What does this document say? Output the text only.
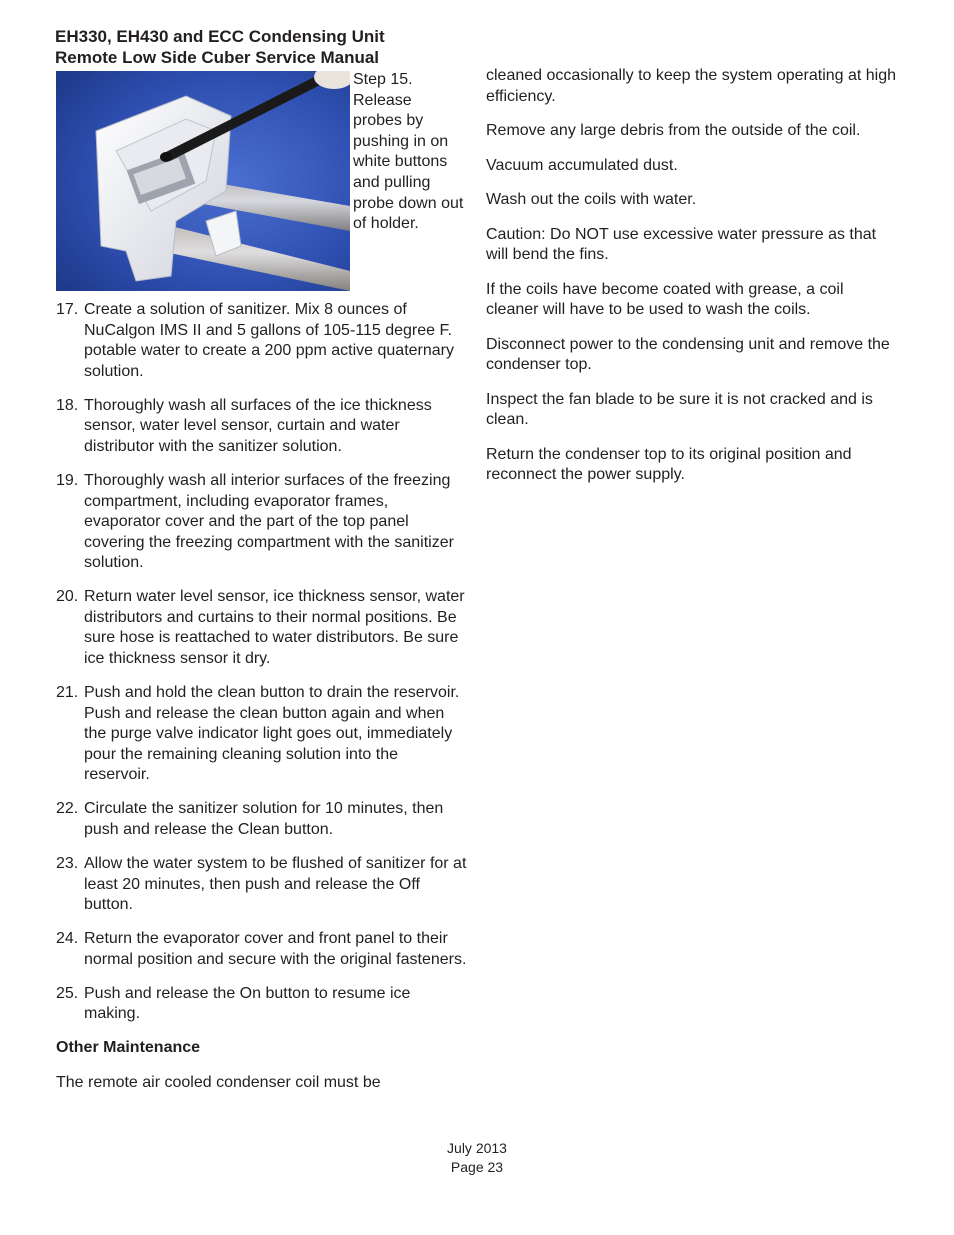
EH330, EH430 and ECC Condensing Unit
Remote Low Side Cuber Service Manual
Step 15. Release probes by pushing in on white buttons and pulling probe down out of holder.
17. Create a solution of sanitizer. Mix 8 ounces of NuCalgon IMS II and 5 gallons of 105-115 degree F. potable water to create a 200 ppm active quaternary solution.
18. Thoroughly wash all surfaces of the ice thickness sensor, water level sensor, curtain and water distributor with the sanitizer solution.
19. Thoroughly wash all interior surfaces of the freezing compartment, including evaporator frames, evaporator cover and the part of the top panel covering the freezing compartment with the sanitizer solution.
20. Return water level sensor, ice thickness sensor, water distributors and curtains to their normal positions. Be sure hose is reattached to water distributors. Be sure ice thickness sensor it dry.
21. Push and hold the clean button to drain the reservoir. Push and release the clean button again and when the purge valve indicator light goes out, immediately pour the remaining cleaning solution into the reservoir.
22. Circulate the sanitizer solution for 10 minutes, then push and release the Clean button.
23. Allow the water system to be flushed of sanitizer for at least 20 minutes, then push and release the Off button.
24. Return the evaporator cover and front panel to their normal position and secure with the original fasteners.
25. Push and release the On button to resume ice making.
Other Maintenance
The remote air cooled condenser coil must be
cleaned occasionally to keep the system operating at high efficiency.
Remove any large debris from the outside of the coil.
Vacuum accumulated dust.
Wash out the coils with water.
Caution: Do NOT use excessive water pressure as that will bend the fins.
If the coils have become coated with grease, a coil cleaner will have to be used to wash the coils.
Disconnect power to the condensing unit and remove the condenser top.
Inspect the fan blade to be sure it is not cracked and is clean.
Return the condenser top to its original position and reconnect the power supply.
July 2013
Page 23
